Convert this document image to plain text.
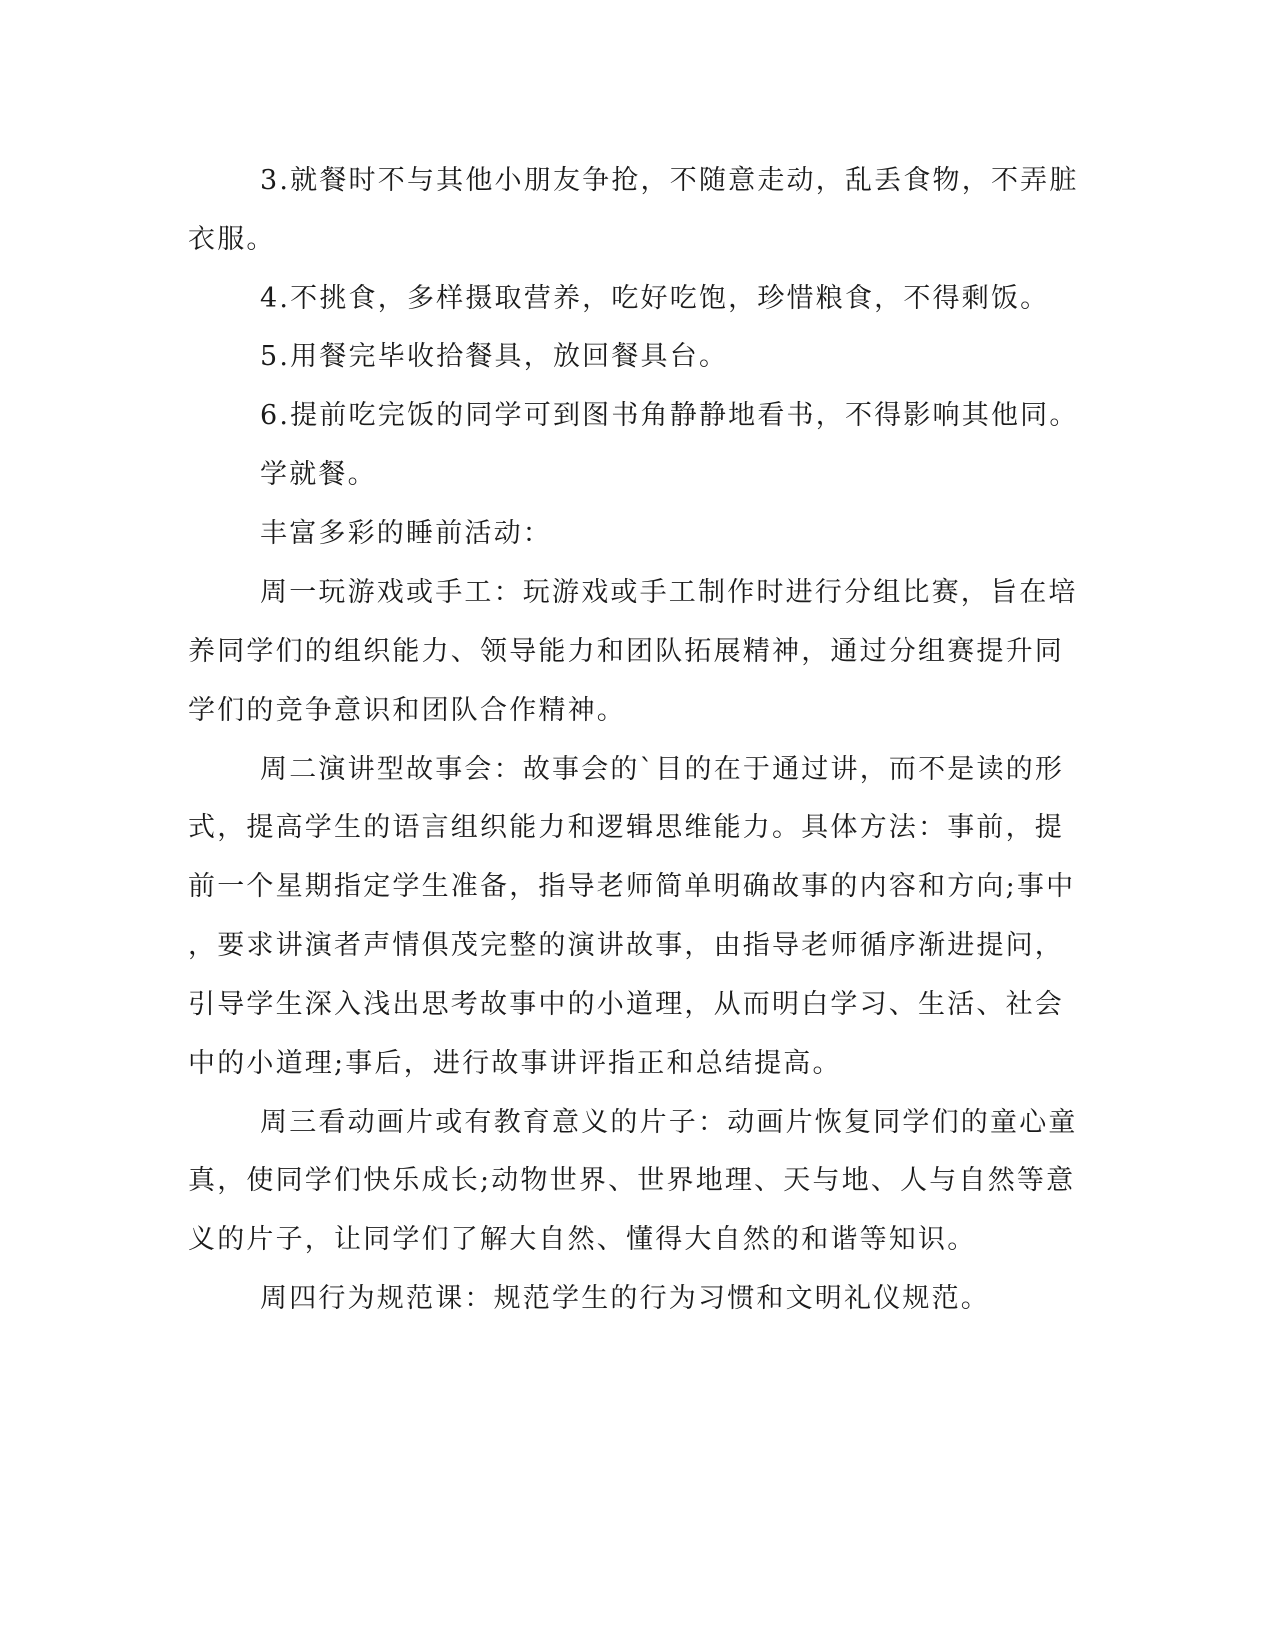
3.就餐时不与其他小朋友争抢，不随意走动，乱丢食物，不弄脏
衣服。
4.不挑食，多样摄取营养，吃好吃饱，珍惜粮食，不得剩饭。
5.用餐完毕收拾餐具，放回餐具台。
6.提前吃完饭的同学可到图书角静静地看书，不得影响其他同。
学就餐。
丰富多彩的睡前活动：
周一玩游戏或手工：玩游戏或手工制作时进行分组比赛，旨在培
养同学们的组织能力、领导能力和团队拓展精神，通过分组赛提升同
学们的竞争意识和团队合作精神。
周二演讲型故事会：故事会的`目的在于通过讲，而不是读的形
式，提高学生的语言组织能力和逻辑思维能力。具体方法：事前，提
前一个星期指定学生准备，指导老师简单明确故事的内容和方向;事中
，要求讲演者声情俱茂完整的演讲故事，由指导老师循序渐进提问，
引导学生深入浅出思考故事中的小道理，从而明白学习、生活、社会
中的小道理;事后，进行故事讲评指正和总结提高。
周三看动画片或有教育意义的片子：动画片恢复同学们的童心童
真，使同学们快乐成长;动物世界、世界地理、天与地、人与自然等意
义的片子，让同学们了解大自然、懂得大自然的和谐等知识。
周四行为规范课：规范学生的行为习惯和文明礼仪规范。
